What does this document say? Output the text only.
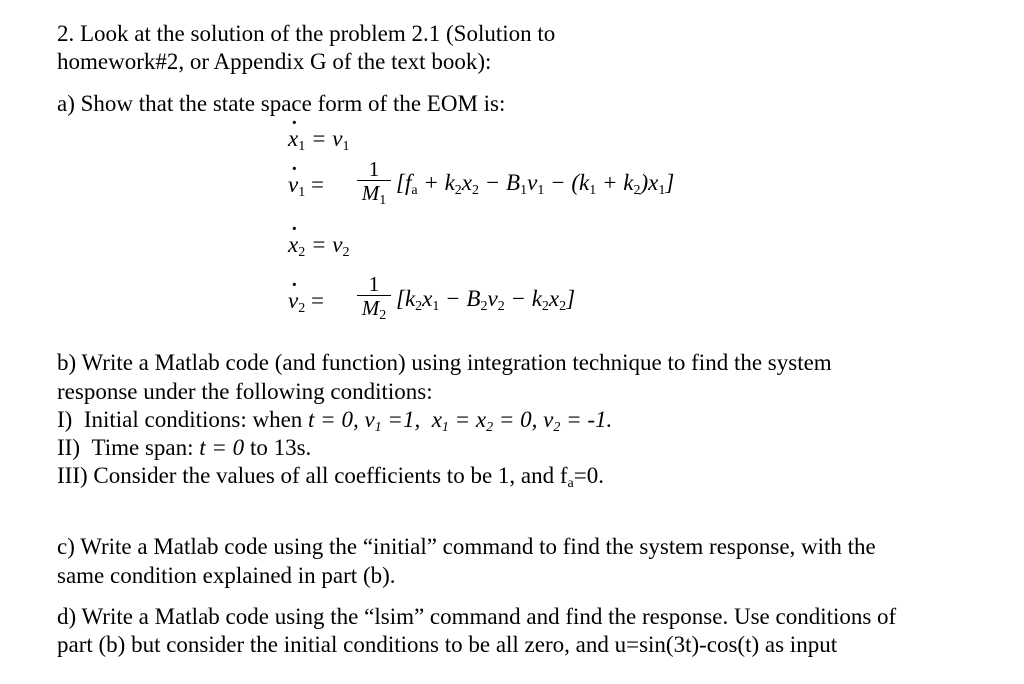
2. Look at the solution of the problem 2.1 (Solution to
homework#2, or Appendix G of the text book):
a) Show that the state space form of the EOM is:
· $x_1 = v_1$
· $v_1$ =
1
$M_1$
$[f_a + k_2x_2 - B_1v_1 - (k_1 + k_2)x_1]$
· $x_2 = v_2$
· $v_2$ =
1
$M_2$
$[k_2x_1 - B_2v_2 - k_2x_2]$
b) Write a Matlab code (and function) using integration technique to find the system
response under the following conditions:
I)  Initial conditions: when t = 0, $v_1 =1$,  $x_1 = x_2 = 0$, $v_2 = -1$.
II) Time span: t = 0 to 13s.
III) Consider the values of all coefficients to be 1, and $f_a=0$.
c) Write a Matlab code using the “initial” command to find the system response, with the
same condition explained in part (b).
d) Write a Matlab code using the “lsim” command and find the response. Use conditions of
part (b) but consider the initial conditions to be all zero, and u=sin(3t)-cos(t) as input
